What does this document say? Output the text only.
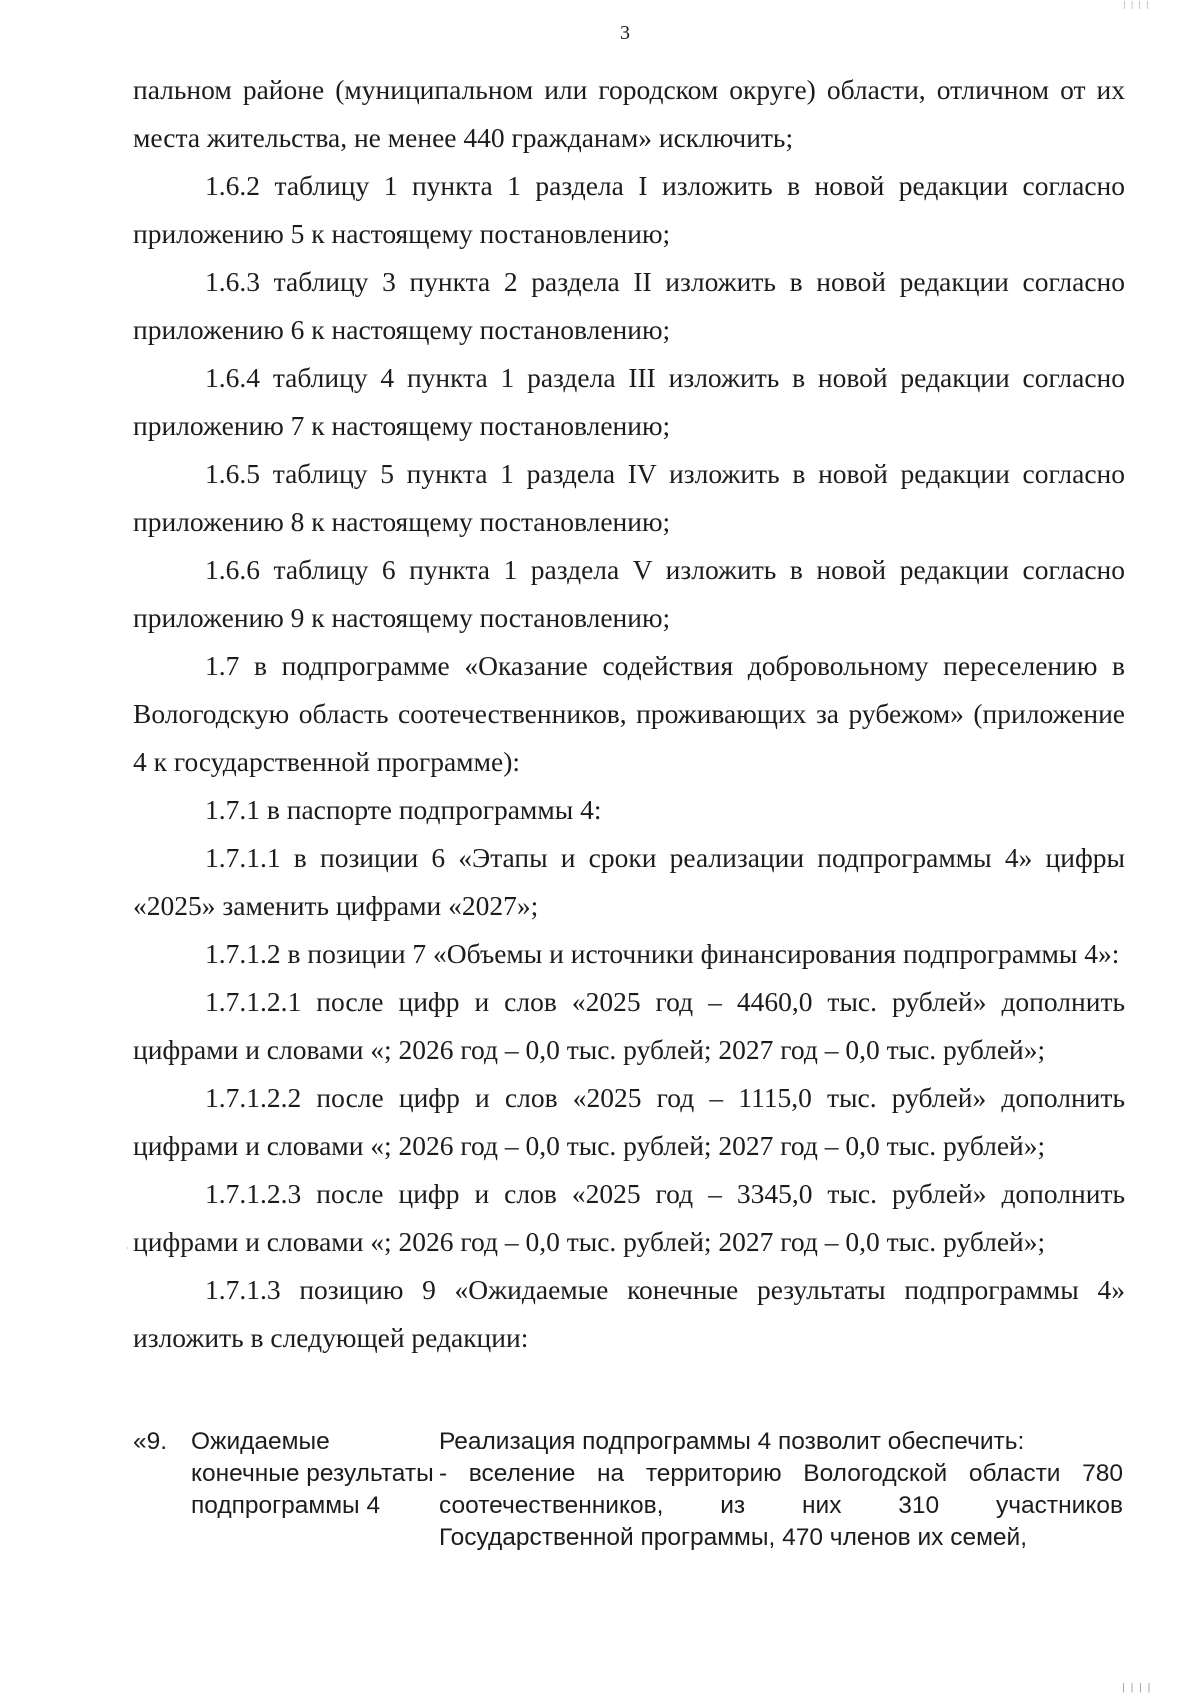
| | | |
3

пальном районе (муниципальном или городском округе) области, отличном от их места жительства, не менее 440 гражданам» исключить;

1.6.2 таблицу 1 пункта 1 раздела I изложить в новой редакции согласно приложению 5 к настоящему постановлению;

1.6.3 таблицу 3 пункта 2 раздела II изложить в новой редакции согласно приложению 6 к настоящему постановлению;

1.6.4 таблицу 4 пункта 1 раздела III изложить в новой редакции согласно приложению 7 к настоящему постановлению;

1.6.5 таблицу 5 пункта 1 раздела IV изложить в новой редакции согласно приложению 8 к настоящему постановлению;

1.6.6 таблицу 6 пункта 1 раздела V изложить в новой редакции согласно приложению 9 к настоящему постановлению;

1.7 в подпрограмме «Оказание содействия добровольному переселению в Вологодскую область соотечественников, проживающих за рубежом» (приложение 4 к государственной программе):

1.7.1 в паспорте подпрограммы 4:

1.7.1.1 в позиции 6 «Этапы и сроки реализации подпрограммы 4» цифры «2025» заменить цифрами «2027»;

1.7.1.2 в позиции 7 «Объемы и источники финансирования подпрограммы 4»:

1.7.1.2.1 после цифр и слов «2025 год – 4460,0 тыс. рублей» дополнить цифрами и словами «; 2026 год – 0,0 тыс. рублей; 2027 год – 0,0 тыс. рублей»;

1.7.1.2.2 после цифр и слов «2025 год – 1115,0 тыс. рублей» дополнить цифрами и словами «; 2026 год – 0,0 тыс. рублей; 2027 год – 0,0 тыс. рублей»;

1.7.1.2.3 после цифр и слов «2025 год – 3345,0 тыс. рублей» дополнить цифрами и словами «; 2026 год – 0,0 тыс. рублей; 2027 год – 0,0 тыс. рублей»;

1.7.1.3 позицию 9 «Ожидаемые конечные результаты подпрограммы 4» изложить в следующей редакции:

·
«9. Ожидаемые конечные результаты подпрограммы 4

Реализация подпрограммы 4 позволит обеспечить:

- вселение на территорию Вологодской области 780 соотечественников, из них 310 участников Государственной программы, 470 членов их семей,

| | | |
